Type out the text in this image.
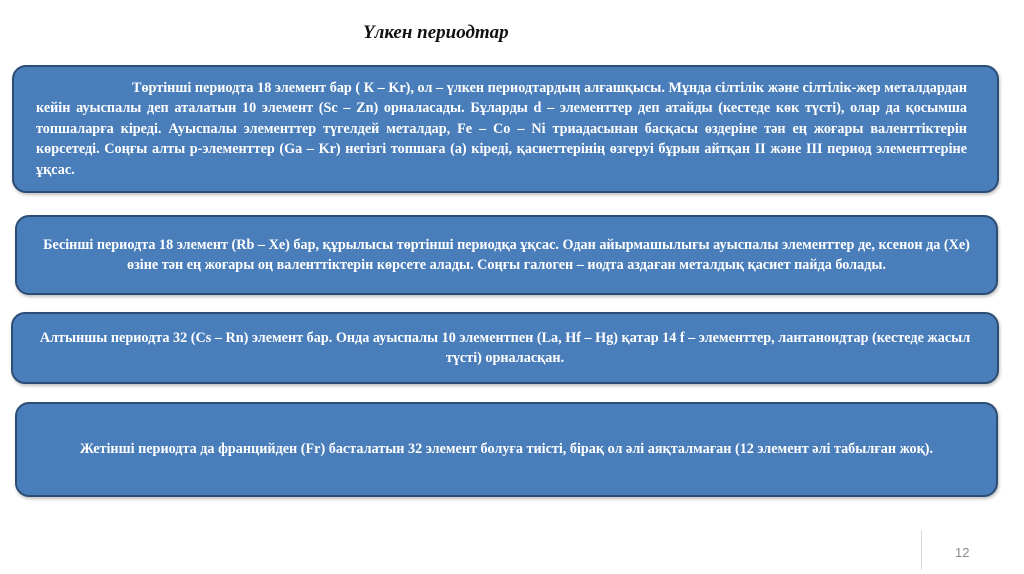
Үлкен периодтар

Төртінші периодта 18 элемент бар ( К – Kr), ол – үлкен периодтардың алғашқысы. Мұнда сілтілік және сілтілік-жер металдардан кейін ауыспалы деп аталатын 10 элемент (Sc – Zn) орналасады. Бұларды d – элементтер деп атайды (кестеде көк түсті), олар да қосымша топшаларға кіреді. Ауыспалы элементтер түгелдей металдар, Fe – Co – Ni триадасынан басқасы өздеріне тән ең жоғары валенттіктерін көрсетеді. Соңғы алты p-элементтер (Ga – Kr) негізгі топшаға (а) кіреді, қасиеттерінің өзгеруі бұрын айтқан II және III период элементтеріне ұқсас.

Бесінші периодта 18 элемент (Rb – Xe) бар, құрылысы төртінші периодқа ұқсас. Одан айырмашылығы ауыспалы элементтер де, ксенон да (Xe) өзіне тән ең жоғары оң валенттіктерін көрсете алады. Соңғы галоген – иодта аздаған металдық қасиет пайда болады.

Алтыншы периодта 32 (Cs – Rn) элемент бар. Онда ауыспалы 10 элементпен (La, Hf – Hg) қатар 14 f – элементтер, лантаноидтар (кестеде жасыл түсті) орналасқан.

Жетінші периодта да францийден (Fr) басталатын 32 элемент болуға тиісті, бірақ ол әлі аяқталмаған (12 элемент әлі табылған жоқ).

12
